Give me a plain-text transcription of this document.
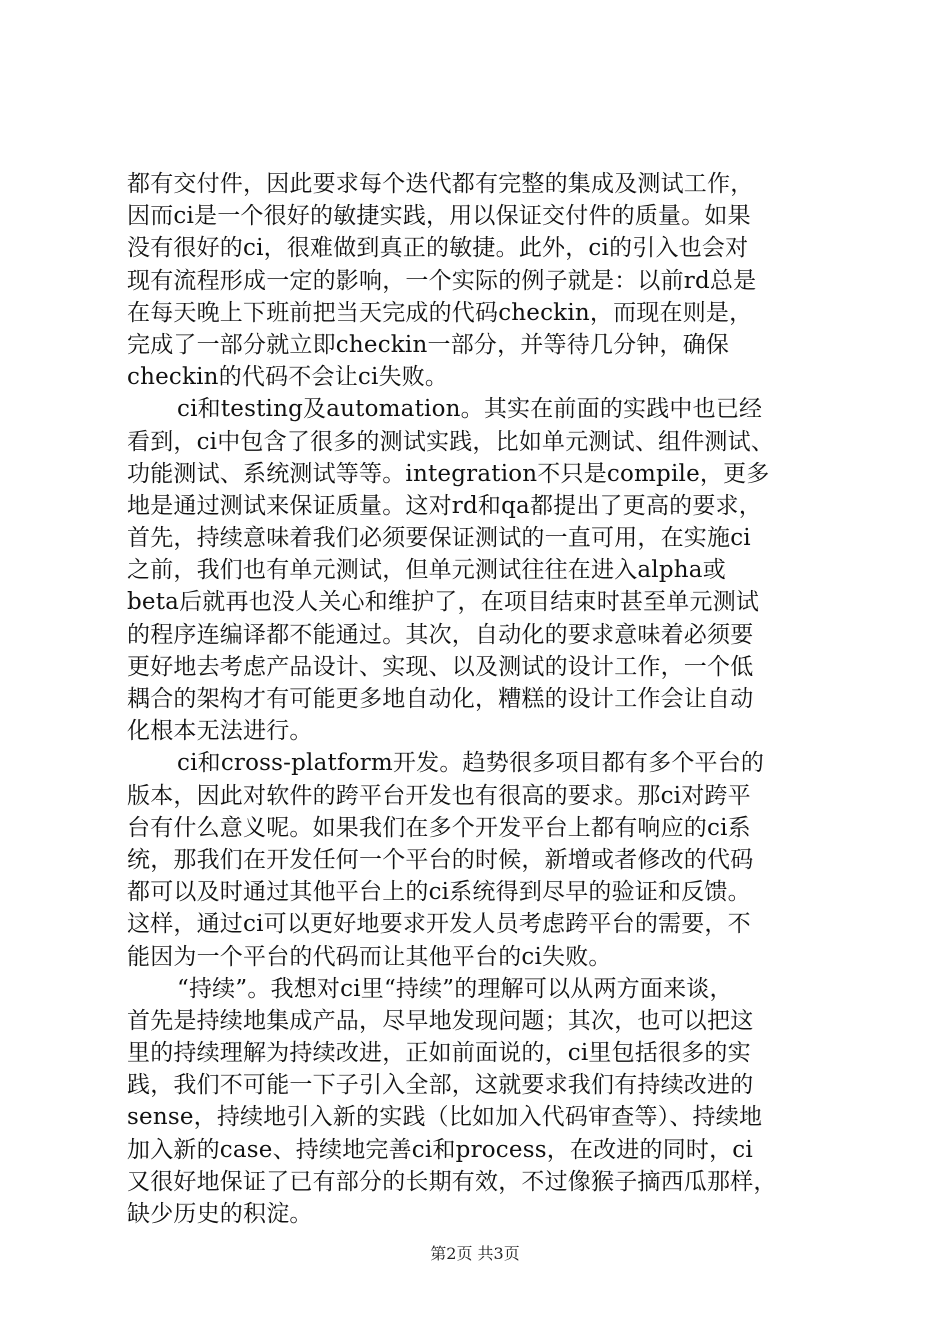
都有交付件，因此要求每个迭代都有完整的集成及测试工作，
因而ci是一个很好的敏捷实践，用以保证交付件的质量。如果
没有很好的ci，很难做到真正的敏捷。此外，ci的引入也会对
现有流程形成一定的影响，一个实际的例子就是：以前rd总是
在每天晚上下班前把当天完成的代码checkin，而现在则是，
完成了一部分就立即checkin一部分，并等待几分钟，确保
checkin的代码不会让ci失败。
ci和testing及automation。其实在前面的实践中也已经
看到，ci中包含了很多的测试实践，比如单元测试、组件测试、
功能测试、系统测试等等。integration不只是compile，更多
地是通过测试来保证质量。这对rd和qa都提出了更高的要求，
首先，持续意味着我们必须要保证测试的一直可用，在实施ci
之前，我们也有单元测试，但单元测试往往在进入alpha或
beta后就再也没人关心和维护了，在项目结束时甚至单元测试
的程序连编译都不能通过。其次，自动化的要求意味着必须要
更好地去考虑产品设计、实现、以及测试的设计工作，一个低
耦合的架构才有可能更多地自动化，糟糕的设计工作会让自动
化根本无法进行。
ci和cross-platform开发。趋势很多项目都有多个平台的
版本，因此对软件的跨平台开发也有很高的要求。那ci对跨平
台有什么意义呢。如果我们在多个开发平台上都有响应的ci系
统，那我们在开发任何一个平台的时候，新增或者修改的代码
都可以及时通过其他平台上的ci系统得到尽早的验证和反馈。
这样，通过ci可以更好地要求开发人员考虑跨平台的需要，不
能因为一个平台的代码而让其他平台的ci失败。
“持续”。我想对ci里“持续”的理解可以从两方面来谈，
首先是持续地集成产品，尽早地发现问题；其次，也可以把这
里的持续理解为持续改进，正如前面说的，ci里包括很多的实
践，我们不可能一下子引入全部，这就要求我们有持续改进的
sense，持续地引入新的实践（比如加入代码审查等）、持续地
加入新的case、持续地完善ci和process，在改进的同时，ci
又很好地保证了已有部分的长期有效，不过像猴子摘西瓜那样，
缺少历史的积淀。
第2页 共3页
